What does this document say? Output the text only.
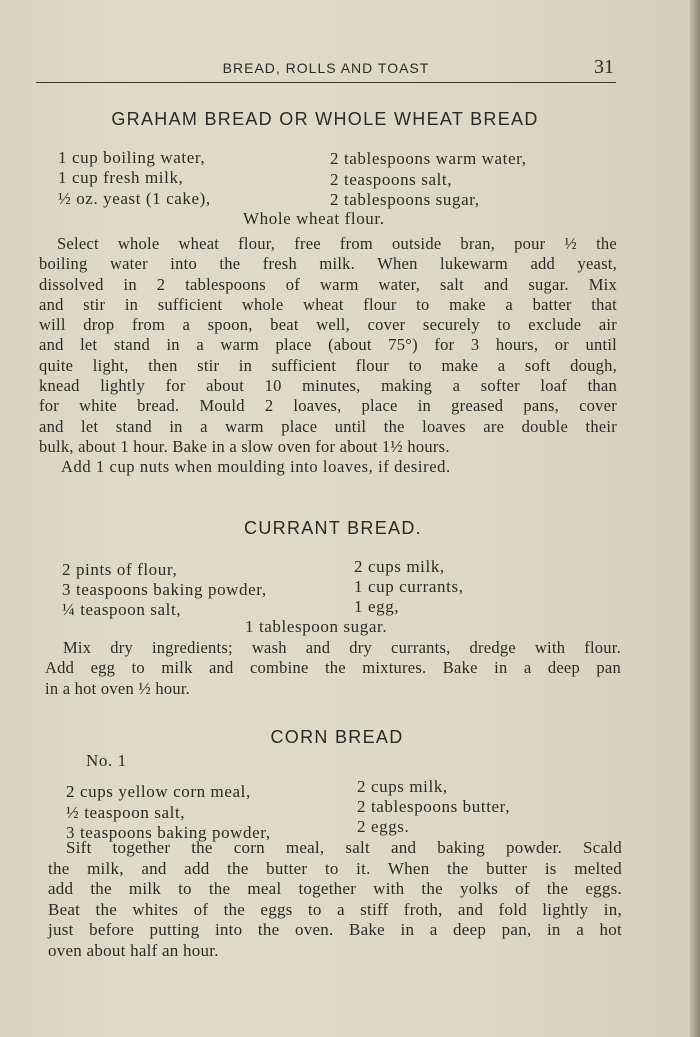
BREAD, ROLLS AND TOAST	31
GRAHAM BREAD OR WHOLE WHEAT BREAD
1 cup boiling water,
1 cup fresh milk,
½ oz. yeast (1 cake),
2 tablespoons warm water,
2 teaspoons salt,
2 tablespoons sugar,
Whole wheat flour.
Select whole wheat flour, free from outside bran, pour ½ the
boiling water into the fresh milk. When lukewarm add yeast,
dissolved in 2 tablespoons of warm water, salt and sugar. Mix
and stir in sufficient whole wheat flour to make a batter that
will drop from a spoon, beat well, cover securely to exclude air
and let stand in a warm place (about 75°) for 3 hours, or until
quite light, then stir in sufficient flour to make a soft dough,
knead lightly for about 10 minutes, making a softer loaf than
for white bread. Mould 2 loaves, place in greased pans, cover
and let stand in a warm place until the loaves are double their
bulk, about 1 hour. Bake in a slow oven for about 1½ hours.
Add 1 cup nuts when moulding into loaves, if desired.
CURRANT BREAD.
2 pints of flour,
3 teaspoons baking powder,
¼ teaspoon salt,
2 cups milk,
1 cup currants,
1 egg,
1 tablespoon sugar.
Mix dry ingredients; wash and dry currants, dredge with flour.
Add egg to milk and combine the mixtures. Bake in a deep pan
in a hot oven ½ hour.
CORN BREAD
No. 1
2 cups yellow corn meal,
½ teaspoon salt,
3 teaspoons baking powder,
2 cups milk,
2 tablespoons butter,
2 eggs.
Sift together the corn meal, salt and baking powder. Scald
the milk, and add the butter to it. When the butter is melted
add the milk to the meal together with the yolks of the eggs.
Beat the whites of the eggs to a stiff froth, and fold lightly in,
just before putting into the oven. Bake in a deep pan, in a hot
oven about half an hour.
